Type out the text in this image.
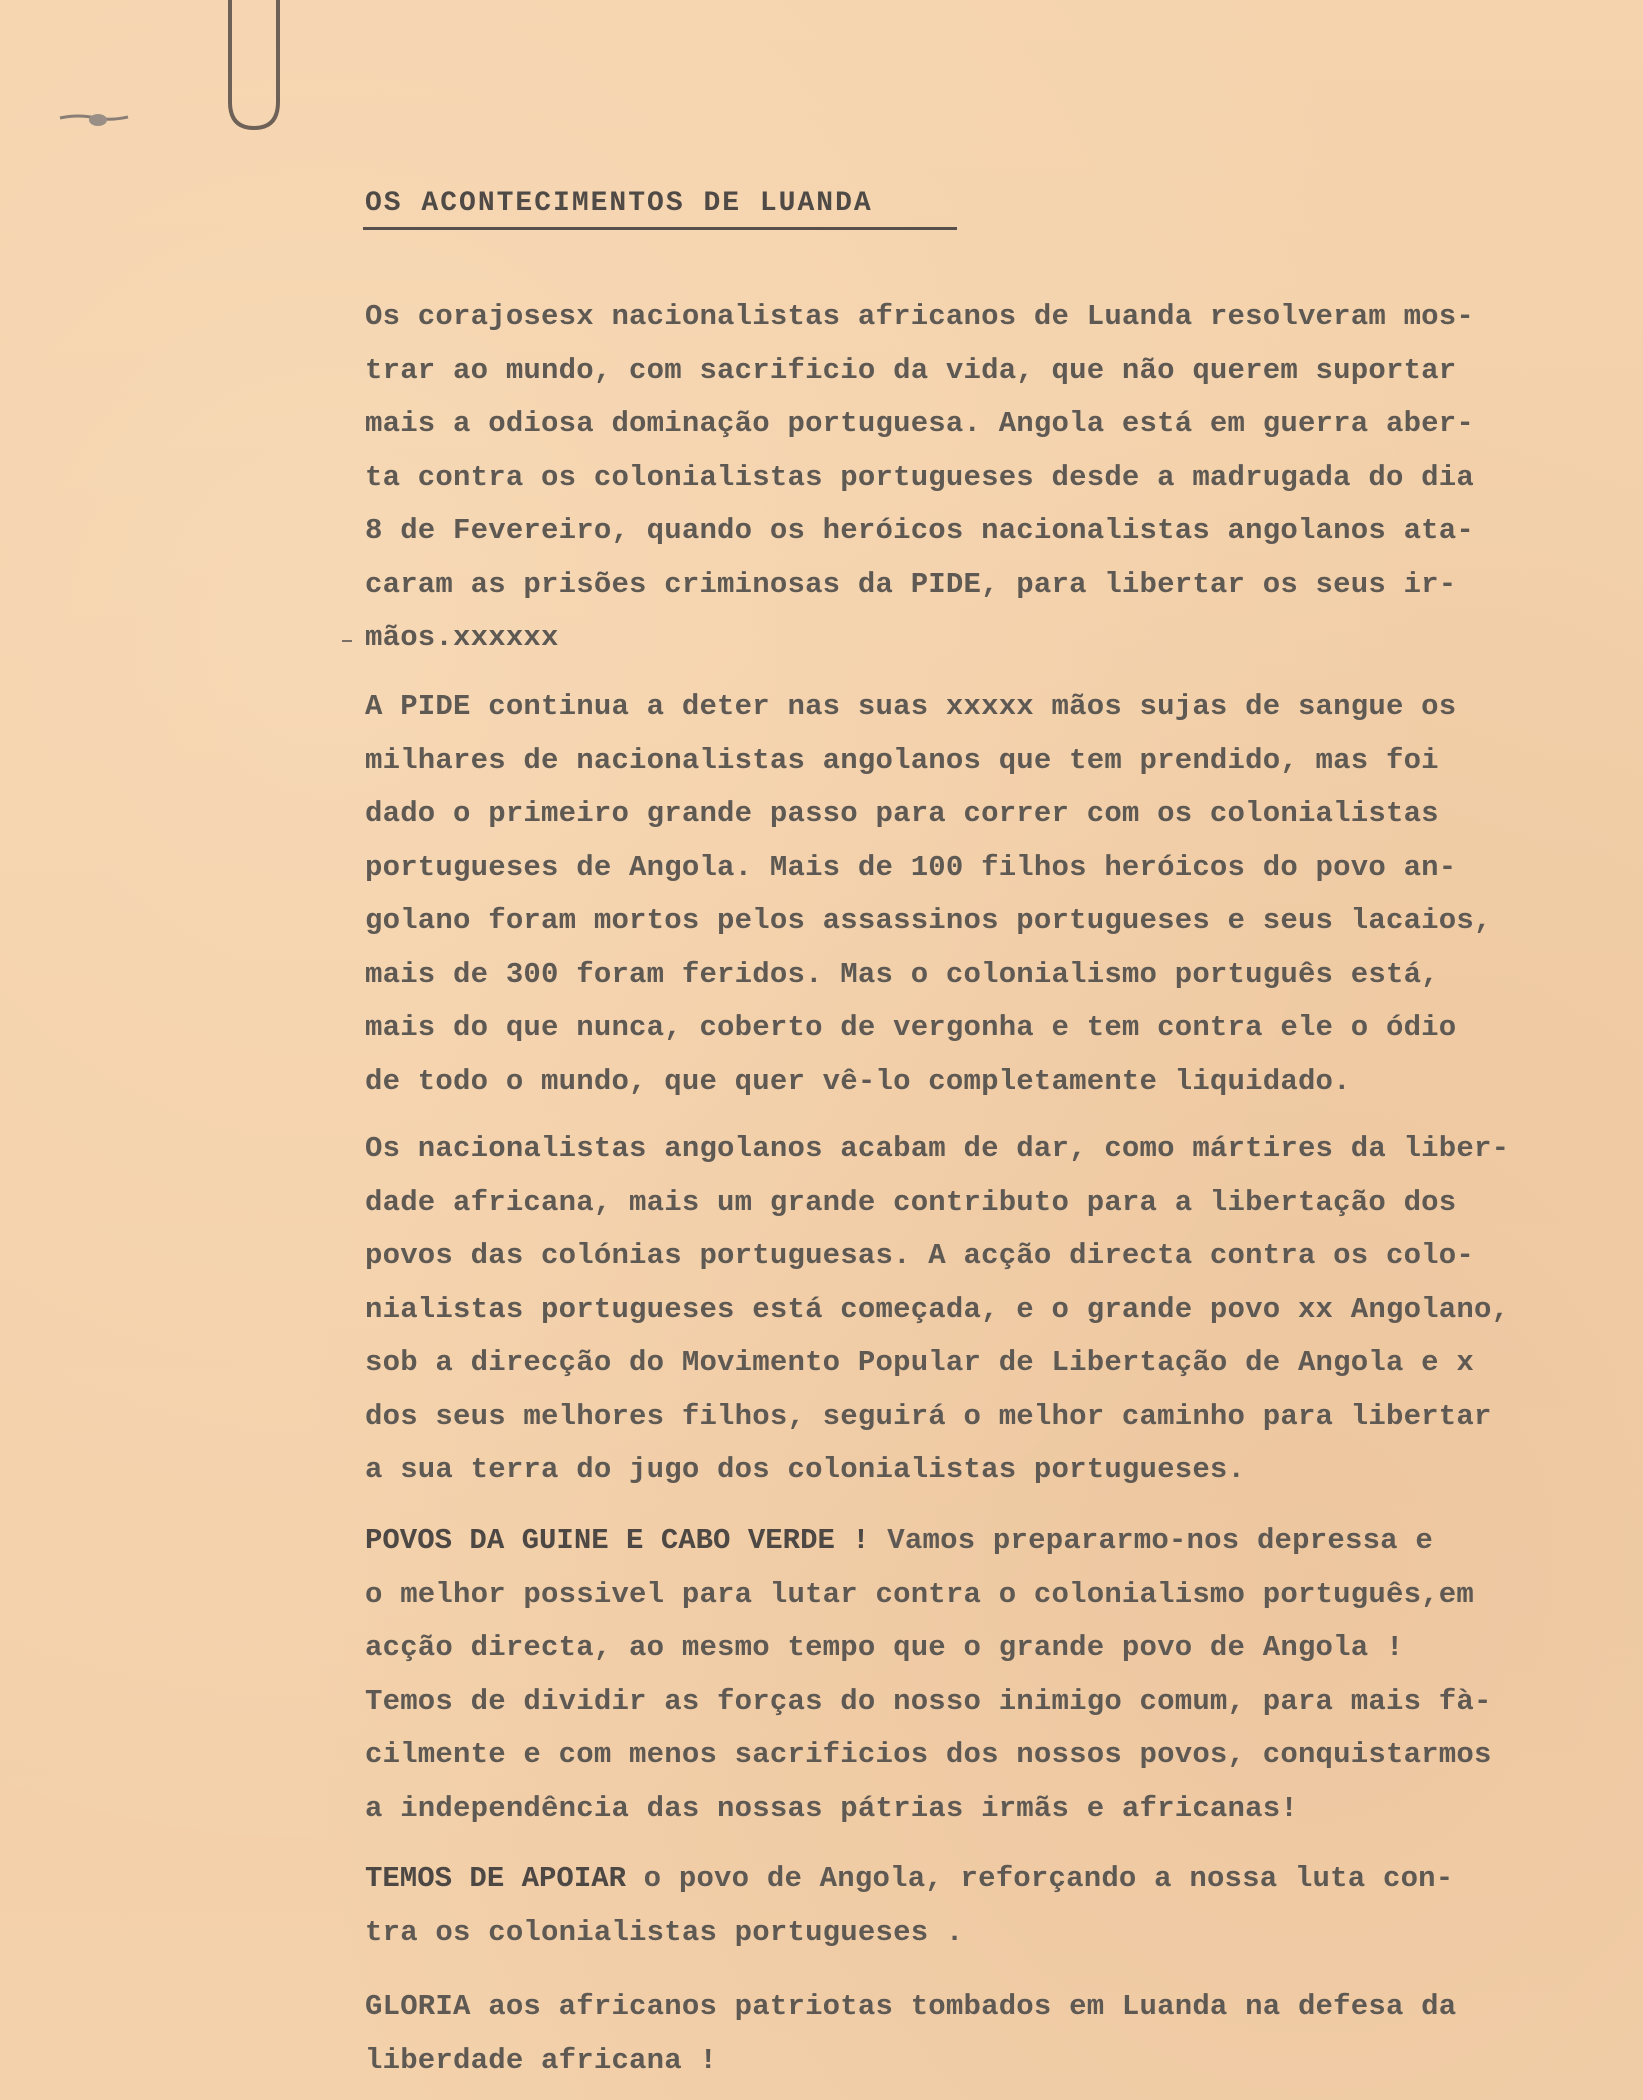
OS ACONTECIMENTOS DE LUANDA
Os corajosesx nacionalistas africanos de Luanda resolveram mos-
trar ao mundo, com sacrificio da vida, que não querem suportar
mais a odiosa dominação portuguesa. Angola está em guerra aber-
ta contra os colonialistas portugueses desde a madrugada do dia
8 de Fevereiro, quando os heróicos nacionalistas angolanos ata-
caram as prisões criminosas da PIDE, para libertar os seus ir-
mãos.xxxxxx
A PIDE continua a deter nas suas xxxxx mãos sujas de sangue os
milhares de nacionalistas angolanos que tem prendido, mas foi
dado o primeiro grande passo para correr com os colonialistas
portugueses de Angola. Mais de 100 filhos heróicos do povo an-
golano foram mortos pelos assassinos portugueses e seus lacaios,
mais de 300 foram feridos. Mas o colonialismo português está,
mais do que nunca, coberto de vergonha e tem contra ele o ódio
de todo o mundo, que quer vê-lo completamente liquidado.
Os nacionalistas angolanos acabam de dar, como mártires da liber-
dade africana, mais um grande contributo para a libertação dos
povos das colónias portuguesas. A acção directa contra os colo-
nialistas portugueses está começada, e o grande povo xx Angolano,
sob a direcção do Movimento Popular de Libertação de Angola e x
dos seus melhores filhos, seguirá o melhor caminho para libertar
a sua terra do jugo dos colonialistas portugueses.
POVOS DA GUINE E CABO VERDE ! Vamos prepararmo-nos depressa e
o melhor possivel para lutar contra o colonialismo português,em
acção directa, ao mesmo tempo que o grande povo de Angola !
Temos de dividir as forças do nosso inimigo comum, para mais fà-
cilmente e com menos sacrificios dos nossos povos, conquistarmos
a independência das nossas pátrias irmãs e africanas!
TEMOS DE APOIAR o povo de Angola, reforçando a nossa luta con-
tra os colonialistas portugueses .
GLORIA aos africanos patriotas tombados em Luanda na defesa da
liberdade africana !
